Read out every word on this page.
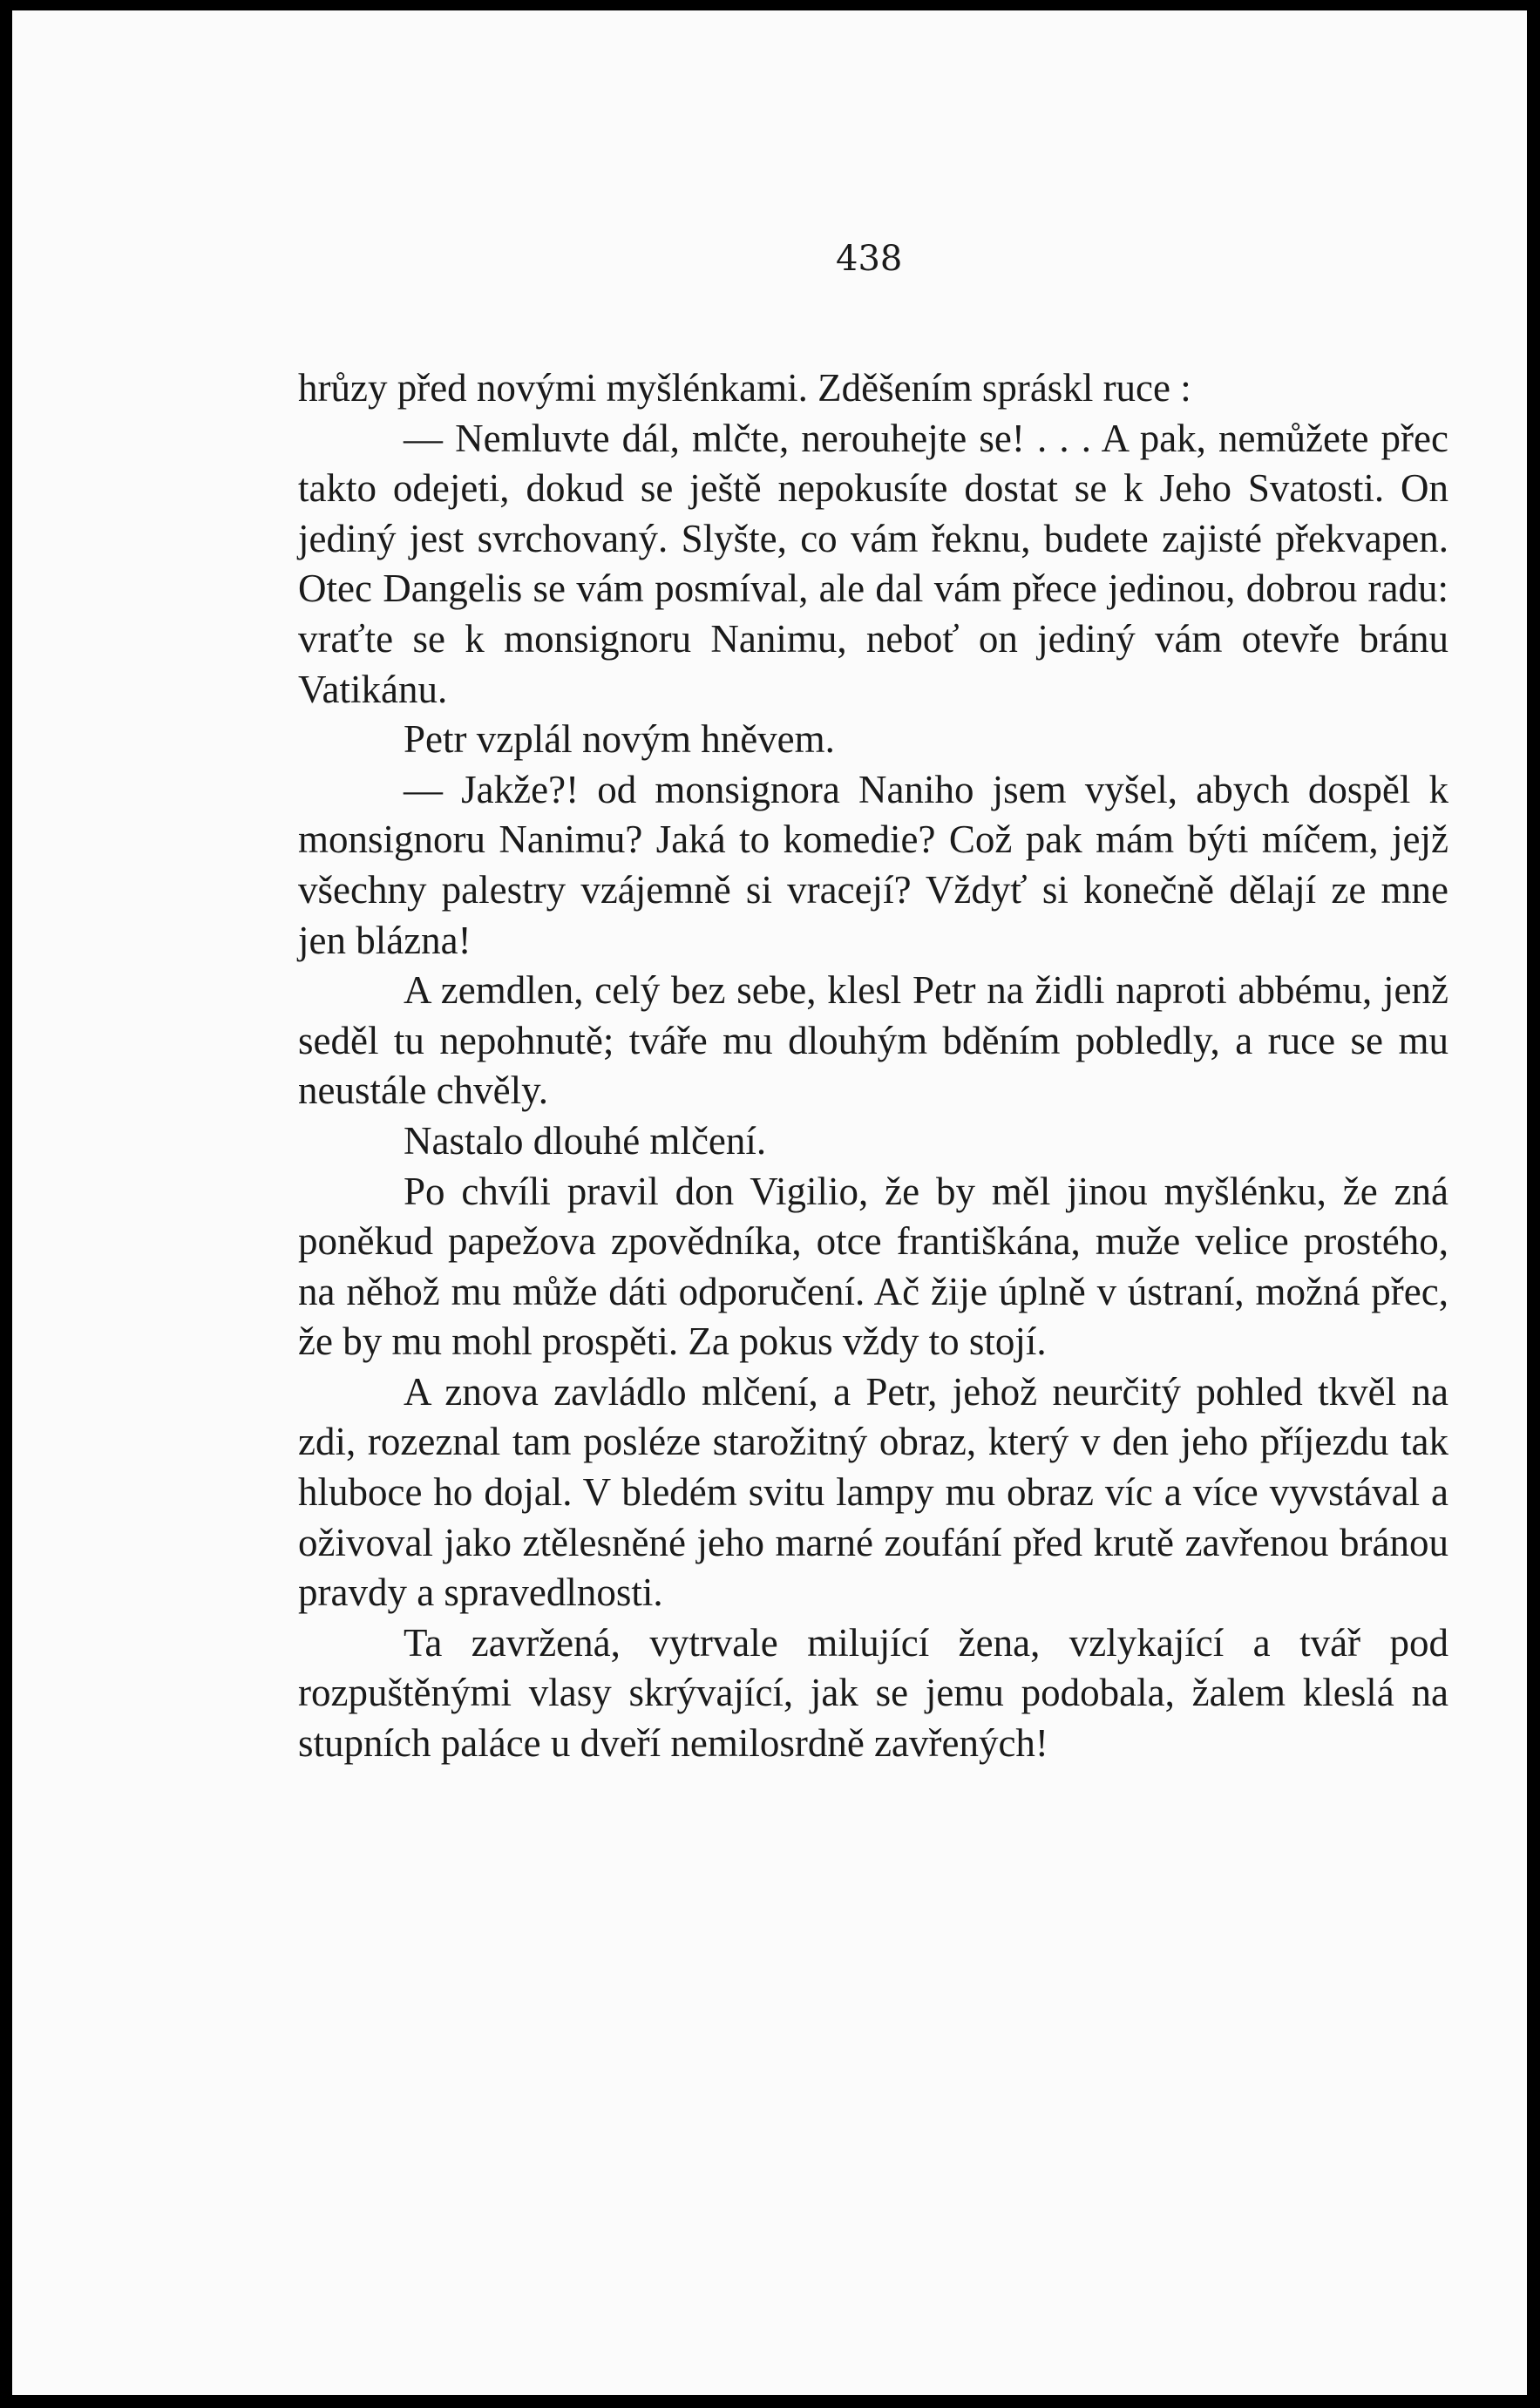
438

hrůzy před novými myšlénkami. Zděšením spráskl ruce :

— Nemluvte dál, mlčte, nerouhejte se! . . . A pak, nemůžete přec takto odejeti, dokud se ještě nepokusíte dostat se k Jeho Svatosti. On jediný jest svrchovaný. Slyšte, co vám řeknu, budete zajisté překvapen. Otec Dangelis se vám posmíval, ale dal vám přece jedinou, dobrou radu: vraťte se k monsignoru Nanimu, neboť on jediný vám otevře bránu Vatikánu.

Petr vzplál novým hněvem.

— Jakže?! od monsignora Naniho jsem vyšel, abych dospěl k monsignoru Nanimu? Jaká to komedie? Což pak mám býti míčem, jejž všechny palestry vzájemně si vracejí? Vždyť si konečně dělají ze mne jen blázna!

A zemdlen, celý bez sebe, klesl Petr na židli naproti abbému, jenž seděl tu nepohnutě; tváře mu dlouhým bděním pobledly, a ruce se mu neustále chvěly.

Nastalo dlouhé mlčení.

Po chvíli pravil don Vigilio, že by měl jinou myšlénku, že zná poněkud papežova zpovědníka, otce františkána, muže velice prostého, na něhož mu může dáti odporučení. Ač žije úplně v ústraní, možná přec, že by mu mohl prospěti. Za pokus vždy to stojí.

A znova zavládlo mlčení, a Petr, jehož neurčitý pohled tkvěl na zdi, rozeznal tam posléze starožitný obraz, který v den jeho příjezdu tak hluboce ho dojal. V bledém svitu lampy mu obraz víc a více vyvstával a oživoval jako ztělesněné jeho marné zoufání před krutě zavřenou bránou pravdy a spravedlnosti.

Ta zavržená, vytrvale milující žena, vzlykající a tvář pod rozpuštěnými vlasy skrývající, jak se jemu podobala, žalem kleslá na stupních paláce u dveří nemilosrdně zavřených!
